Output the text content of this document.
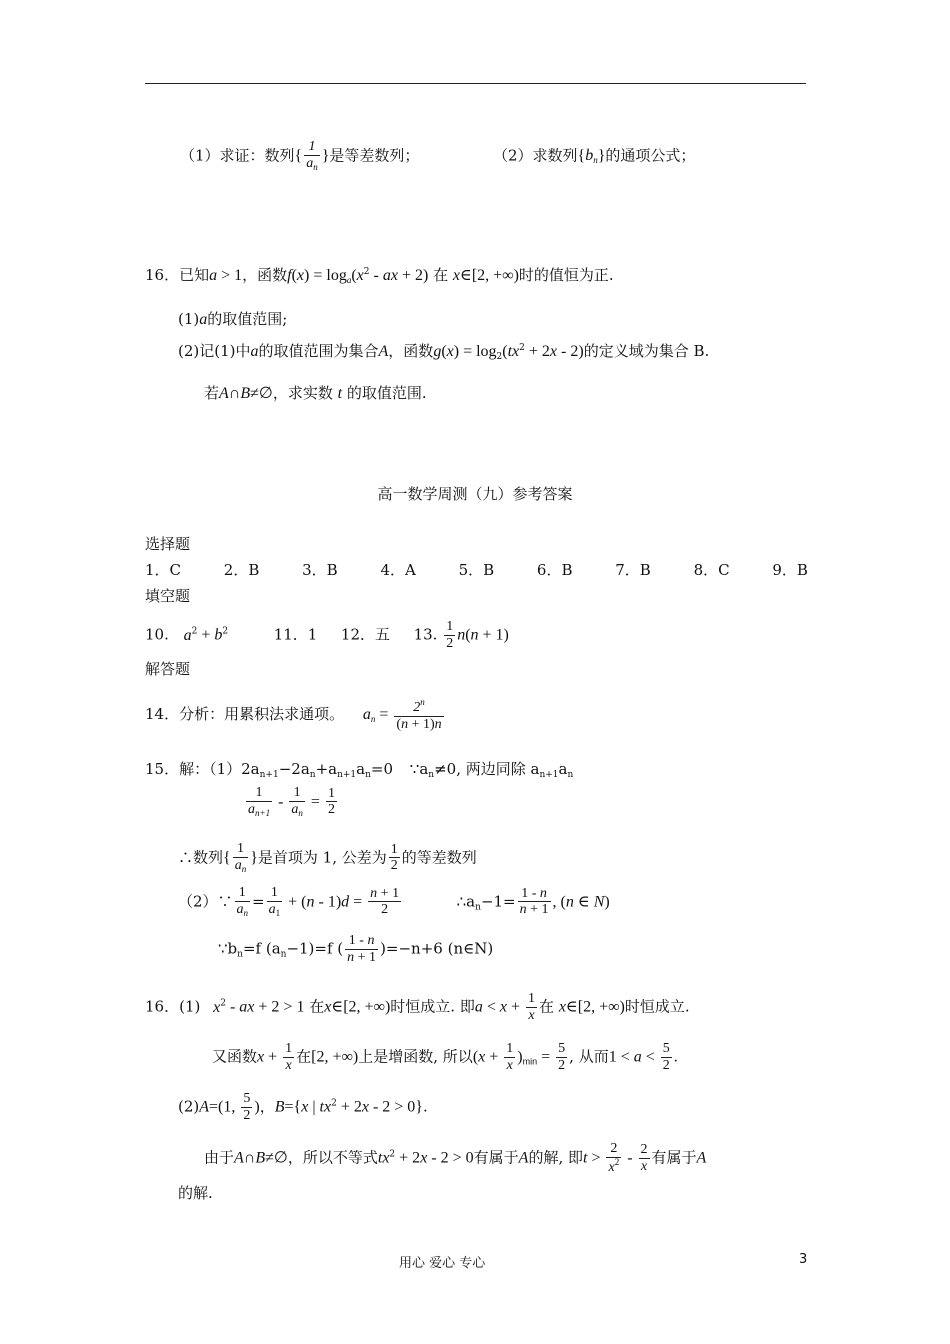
（1）求证：数列{ $\frac{1}{a_n}$ }是等差数列；	（2）求数列$\{b_n\}$的通项公式；
16．已知a > 1，函数$f(x) = \log_a(x^2$ - ax + 2) 在 x∈[2, +∞)时的值恒为正.
(1)a的取值范围;
(2)记(1)中a的取值范围为集合A，函数$g(x) = \log_2(tx^2 + 2x - 2)$的定义域为集合 B.
若A∩B≠∅，求实数 t 的取值范围.
高一数学周测（九）参考答案
选择题
1．C	2．B	3．B	4．A	5．B	6．B	7．B	8．C	9．B
填空题
10. $a^2 + b^2$	11．1 12．五 13. $\frac{1}{2} n(n + 1)$
解答题
14．分析：用累积法求通项。 $a_n = \frac{2^n}{(n + 1)n}$
15．解：$(1)2a_{n+1}-2a_n+a_{n+1}a_n=0$ $\because a_n\ne 0$, 两边同除 $a_{n+1}a_n$
$\frac{1}{a_{n+1}} - \frac{1}{a_n} = \frac{1}{2}$
∴数列{ $\frac{1}{a_n}$ }是首项为 1, 公差为 $\frac{1}{2}$ 的等差数列
（2）∵ $\frac{1}{a_n} = \frac{1}{a_1} + (n - 1)d = \frac{n + 1}{2}$	$\therefore a_n-1= \frac{1 - n}{n + 1}$ , (n ∈ N)
$\because b_n=f$ $(a_n-1)=f$ ( $\frac{1 - n}{n + 1} )=-n+6$ (n∈N)
16．(1) $x^2$ - ax + 2 > 1 在x∈[2, +∞)时恒成立. 即$a < x + \frac{1}{x}$ 在 x∈[2, +∞)时恒成立.
又函数$x + \frac{1}{x}$ 在[2, +∞)上是增函数, 所以$(x + \frac{1}{x} )_{min} = \frac{5}{2}$ , 从而$1 < a < \frac{5}{2}$ .
(2)A=(1, $\frac{5}{2}$ )，B={x | $tx^2 + 2x - 2 > 0$}.
由于A∩B≠∅，所以不等式$tx^2 + 2x - 2 > 0$有属于A的解, 即$t > \frac{2}{x^2} - \frac{2}{x}$ 有属于A
的解.
用心 爱心 专心	3
